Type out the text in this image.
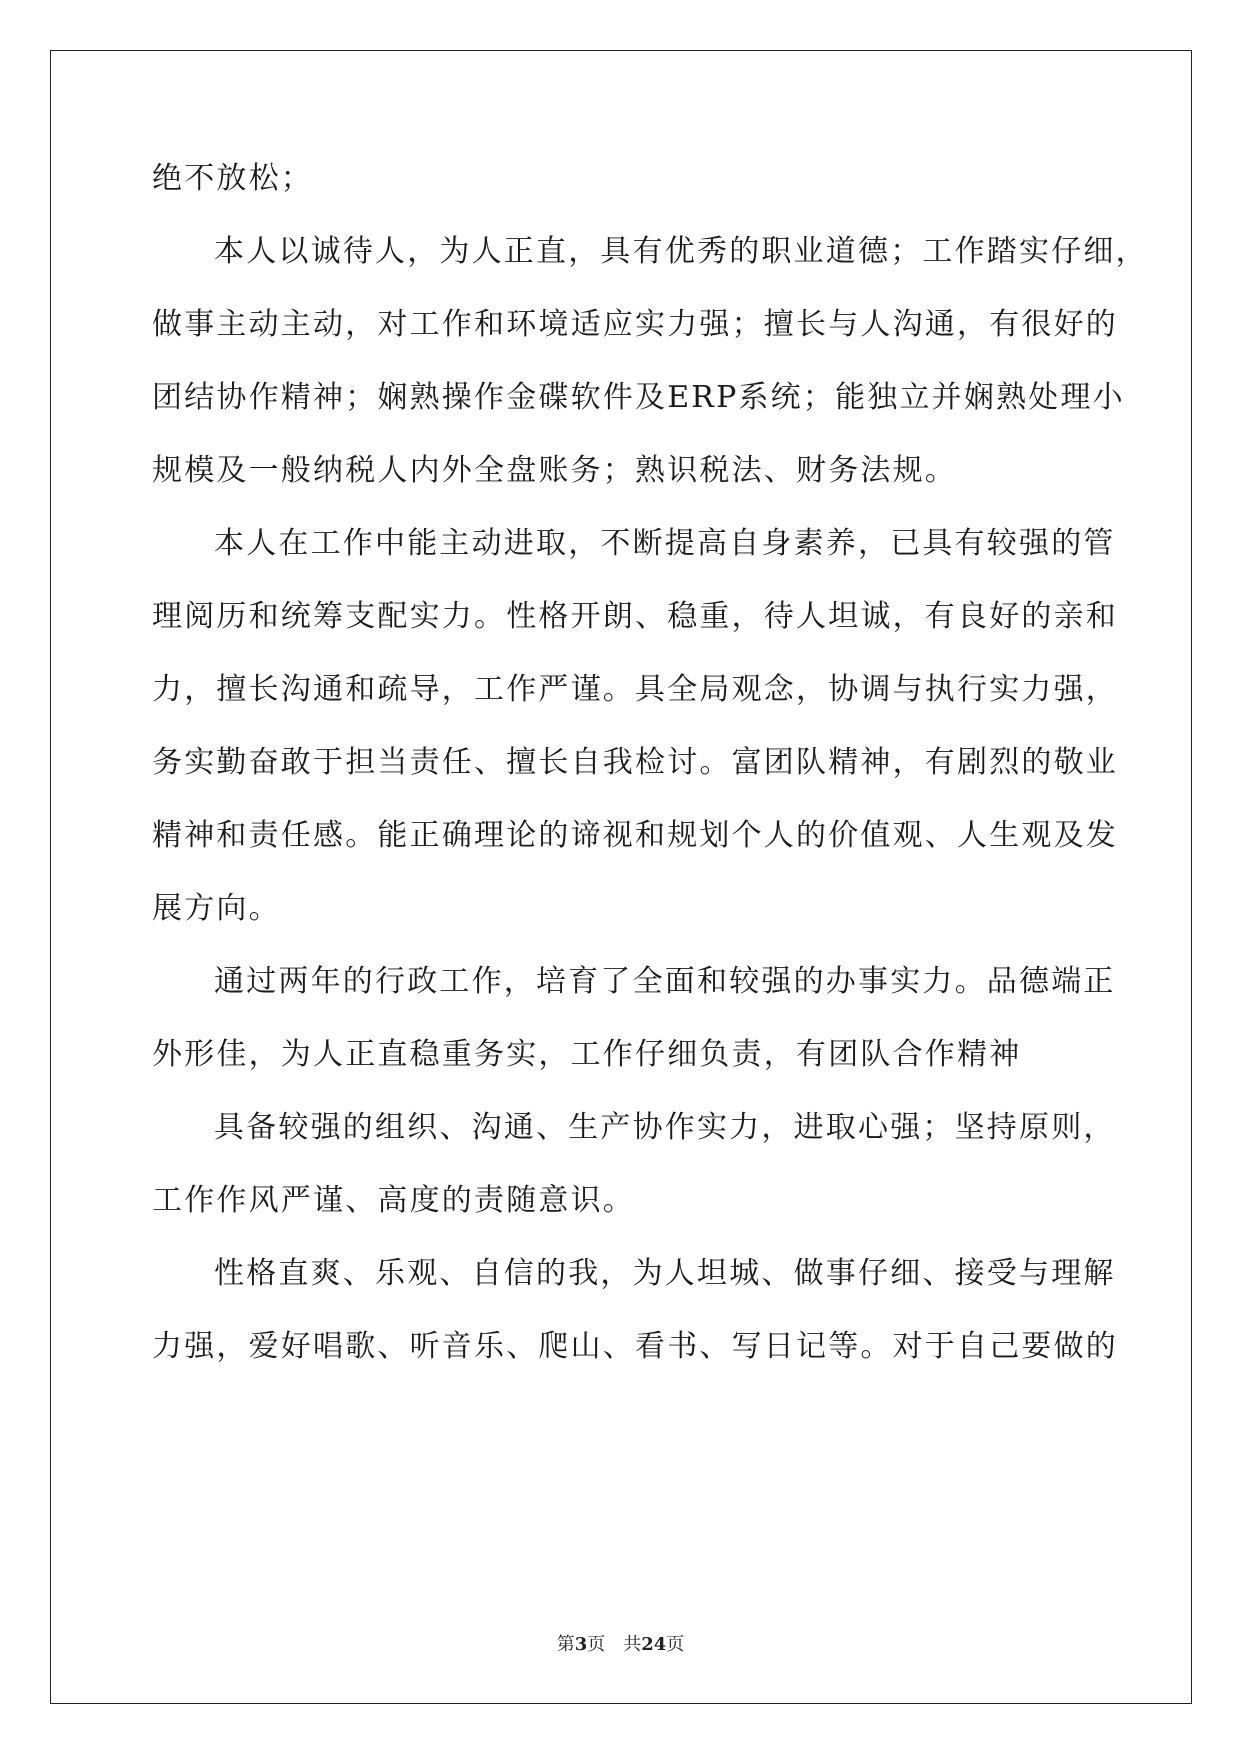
绝不放松；
本人以诚待人，为人正直，具有优秀的职业道德；工作踏实仔细，
做事主动主动，对工作和环境适应实力强；擅长与人沟通，有很好的
团结协作精神；娴熟操作金碟软件及ERP系统；能独立并娴熟处理小
规模及一般纳税人内外全盘账务；熟识税法、财务法规。
本人在工作中能主动进取，不断提高自身素养，已具有较强的管
理阅历和统筹支配实力。性格开朗、稳重，待人坦诚，有良好的亲和
力，擅长沟通和疏导，工作严谨。具全局观念，协调与执行实力强，
务实勤奋敢于担当责任、擅长自我检讨。富团队精神，有剧烈的敬业
精神和责任感。能正确理论的谛视和规划个人的价值观、人生观及发
展方向。
通过两年的行政工作，培育了全面和较强的办事实力。品德端正
外形佳，为人正直稳重务实，工作仔细负责，有团队合作精神
具备较强的组织、沟通、生产协作实力，进取心强；坚持原则，
工作作风严谨、高度的责随意识。
性格直爽、乐观、自信的我，为人坦城、做事仔细、接受与理解
力强，爱好唱歌、听音乐、爬山、看书、写日记等。对于自己要做的
第3页 共24页
